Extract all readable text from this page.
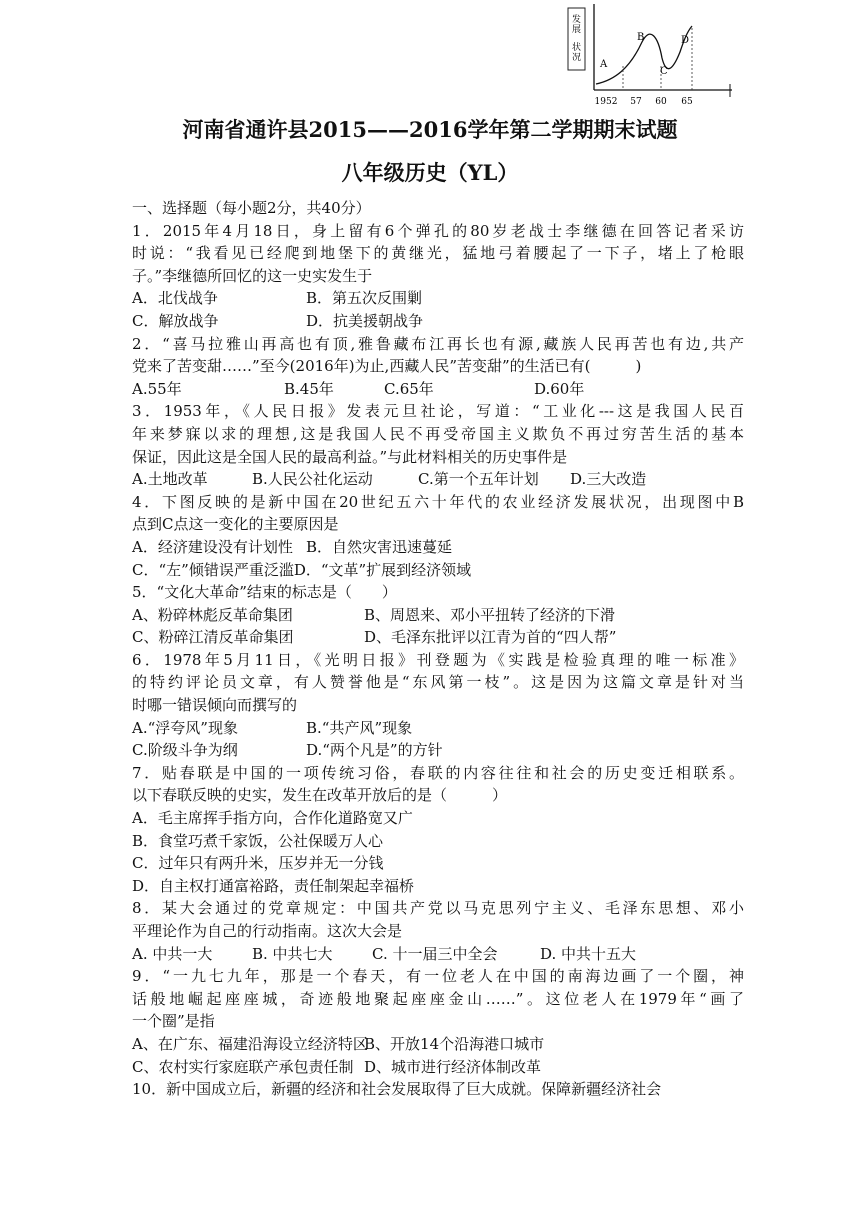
发
展
状
况
A
B
C
D
1952 57 60 65
河南省通许县2015——2016学年第二学期期末试题
八年级历史（YL）
一、选择题（每小题2分，共40分）
1．2015年4月18日，身上留有6个弹孔的80岁老战士李继德在回答记者采访
时说：“我看见已经爬到地堡下的黄继光，猛地弓着腰起了一下子，堵上了枪眼
子。”李继德所回忆的这一史实发生于
A．北伐战争	B．第五次反围剿
C．解放战争	D．抗美援朝战争
2．“喜马拉雅山再高也有顶,雅鲁藏布江再长也有源,藏族人民再苦也有边,共产
党来了苦变甜……”至今(2016年)为止,西藏人民”苦变甜”的生活已有(　　　)
A.55年	B.45年	C.65年	D.60年
3．1953年，《人民日报》发表元旦社论，写道：“工业化---这是我国人民百
年来梦寐以求的理想,这是我国人民不再受帝国主义欺负不再过穷苦生活的基本
保证，因此这是全国人民的最高利益。”与此材料相关的历史事件是
A.土地改革	B.人民公社化运动	C.第一个五年计划	D.三大改造
4．下图反映的是新中国在20世纪五六十年代的农业经济发展状况，出现图中B
点到C点这一变化的主要原因是
A．经济建设没有计划性 B．自然灾害迅速蔓延
C．“左”倾错误严重泛滥D．“文革”扩展到经济领域
5．“文化大革命”结束的标志是（　　）
A、粉碎林彪反革命集团	B、周恩来、邓小平扭转了经济的下滑
C、粉碎江清反革命集团	D、毛泽东批评以江青为首的“四人帮”
6．1978年5月11日，《光明日报》刊登题为《实践是检验真理的唯一标准》
的特约评论员文章，有人赞誉他是“东风第一枝”。这是因为这篇文章是针对当
时哪一错误倾向而撰写的
A.“浮夸风”现象	B.“共产风”现象
C.阶级斗争为纲	D.“两个凡是”的方针
7．贴春联是中国的一项传统习俗，春联的内容往往和社会的历史变迁相联系。
以下春联反映的史实，发生在改革开放后的是（　　　）
A．毛主席挥手指方向，合作化道路宽又广
B．食堂巧煮千家饭，公社保暖万人心
C．过年只有两升米，压岁并无一分钱
D．自主权打通富裕路，责任制架起幸福桥
8．某大会通过的党章规定：中国共产党以马克思列宁主义、毛泽东思想、邓小
平理论作为自己的行动指南。这次大会是
A. 中共一大	B. 中共七大	C. 十一届三中全会	D. 中共十五大
9．“一九七九年，那是一个春天，有一位老人在中国的南海边画了一个圈，神
话般地崛起座座城，奇迹般地聚起座座金山……”。这位老人在1979年“画了
一个圈”是指
A、在广东、福建沿海设立经济特区
B、开放14个沿海港口城市
C、农村实行家庭联产承包责任制 D、城市进行经济体制改革
10．新中国成立后，新疆的经济和社会发展取得了巨大成就。保障新疆经济社会
